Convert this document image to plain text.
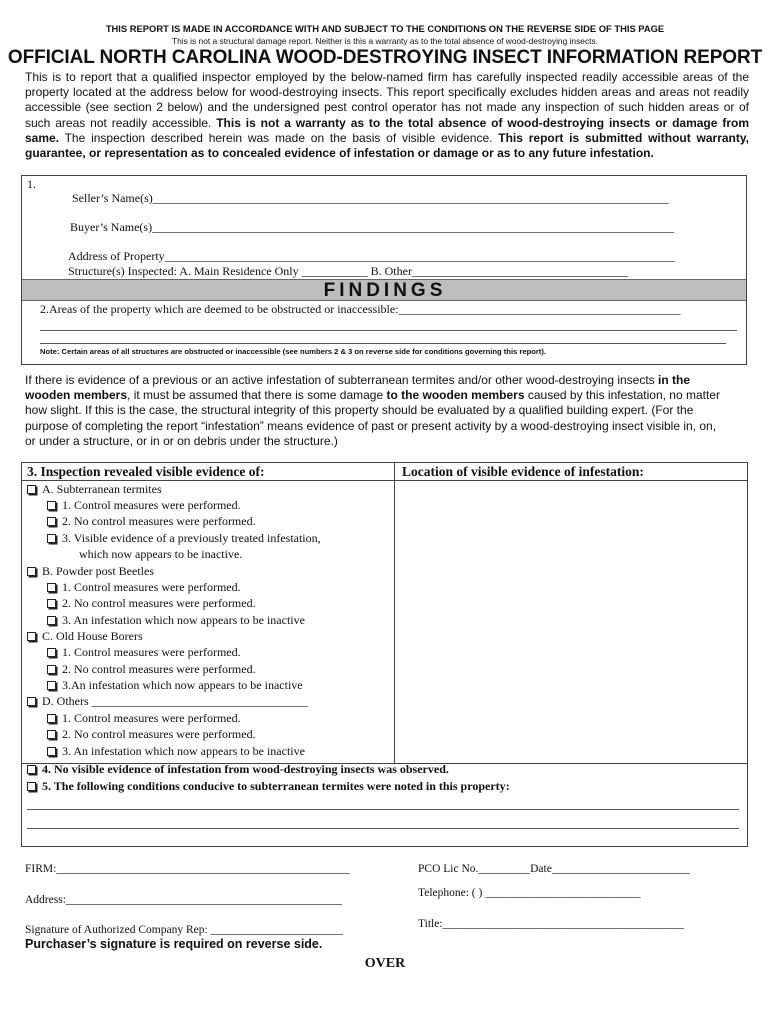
THIS REPORT IS MADE IN ACCORDANCE WITH AND SUBJECT TO THE CONDITIONS ON THE REVERSE SIDE OF THIS PAGE
This is not a structural damage report. Neither is this a warranty as to the total absence of wood-destroying insects.
OFFICIAL NORTH CAROLINA WOOD-DESTROYING INSECT INFORMATION REPORT

This is to report that a qualified inspector employed by the below-named firm has carefully inspected readily accessible areas of the property located at the address below for wood-destroying insects. This report specifically excludes hidden areas and areas not readily accessible (see section 2 below) and the undersigned pest control operator has not made any inspection of such hidden areas or of such areas not readily accessible. This is not a warranty as to the total absence of wood-destroying insects or damage from same. The inspection described herein was made on the basis of visible evidence. This report is submitted without warranty, guarantee, or representation as to concealed evidence of infestation or damage or as to any future infestation.

1.
Seller’s Name(s)______________________________________________________________________________________
Buyer’s Name(s)_______________________________________________________________________________________
Address of Property_____________________________________________________________________________________
Structure(s) Inspected: A. Main Residence Only ___________ B. Other____________________________________
FINDINGS
2.Areas of the property which are deemed to be obstructed or inaccessible:_______________________________________________
Note: Certain areas of all structures are obstructed or inaccessible (see numbers 2 & 3 on reverse side for conditions governing this report).

If there is evidence of a previous or an active infestation of subterranean termites and/or other wood-destroying insects in the wooden members, it must be assumed that there is some damage to the wooden members caused by this infestation, no matter how slight. If this is the case, the structural integrity of this property should be evaluated by a qualified building expert. (For the purpose of completing the report “infestation” means evidence of past or present activity by a wood-destroying insect visible in, on, or under a structure, or in or on debris under the structure.)

3. Inspection revealed visible evidence of:	Location of visible evidence of infestation:
A. Subterranean termites
1. Control measures were performed.
2. No control measures were performed.
3. Visible evidence of a previously treated infestation,
which now appears to be inactive.
B. Powder post Beetles
1. Control measures were performed.
2. No control measures were performed.
3. An infestation which now appears to be inactive
C. Old House Borers
1. Control measures were performed.
2. No control measures were performed.
3.An infestation which now appears to be inactive
D. Others ____________________________________
1. Control measures were performed.
2. No control measures were performed.
3. An infestation which now appears to be inactive
4. No visible evidence of infestation from wood-destroying insects was observed.
5. The following conditions conducive to subterranean termites were noted in this property:
FIRM:___________________________________________________	PCO Lic No._________Date________________________
Address:________________________________________________
Telephone: ( ) ___________________________
Signature of Authorized Company Rep: _______________________	Title:__________________________________________
Purchaser’s signature is required on reverse side.
OVER
